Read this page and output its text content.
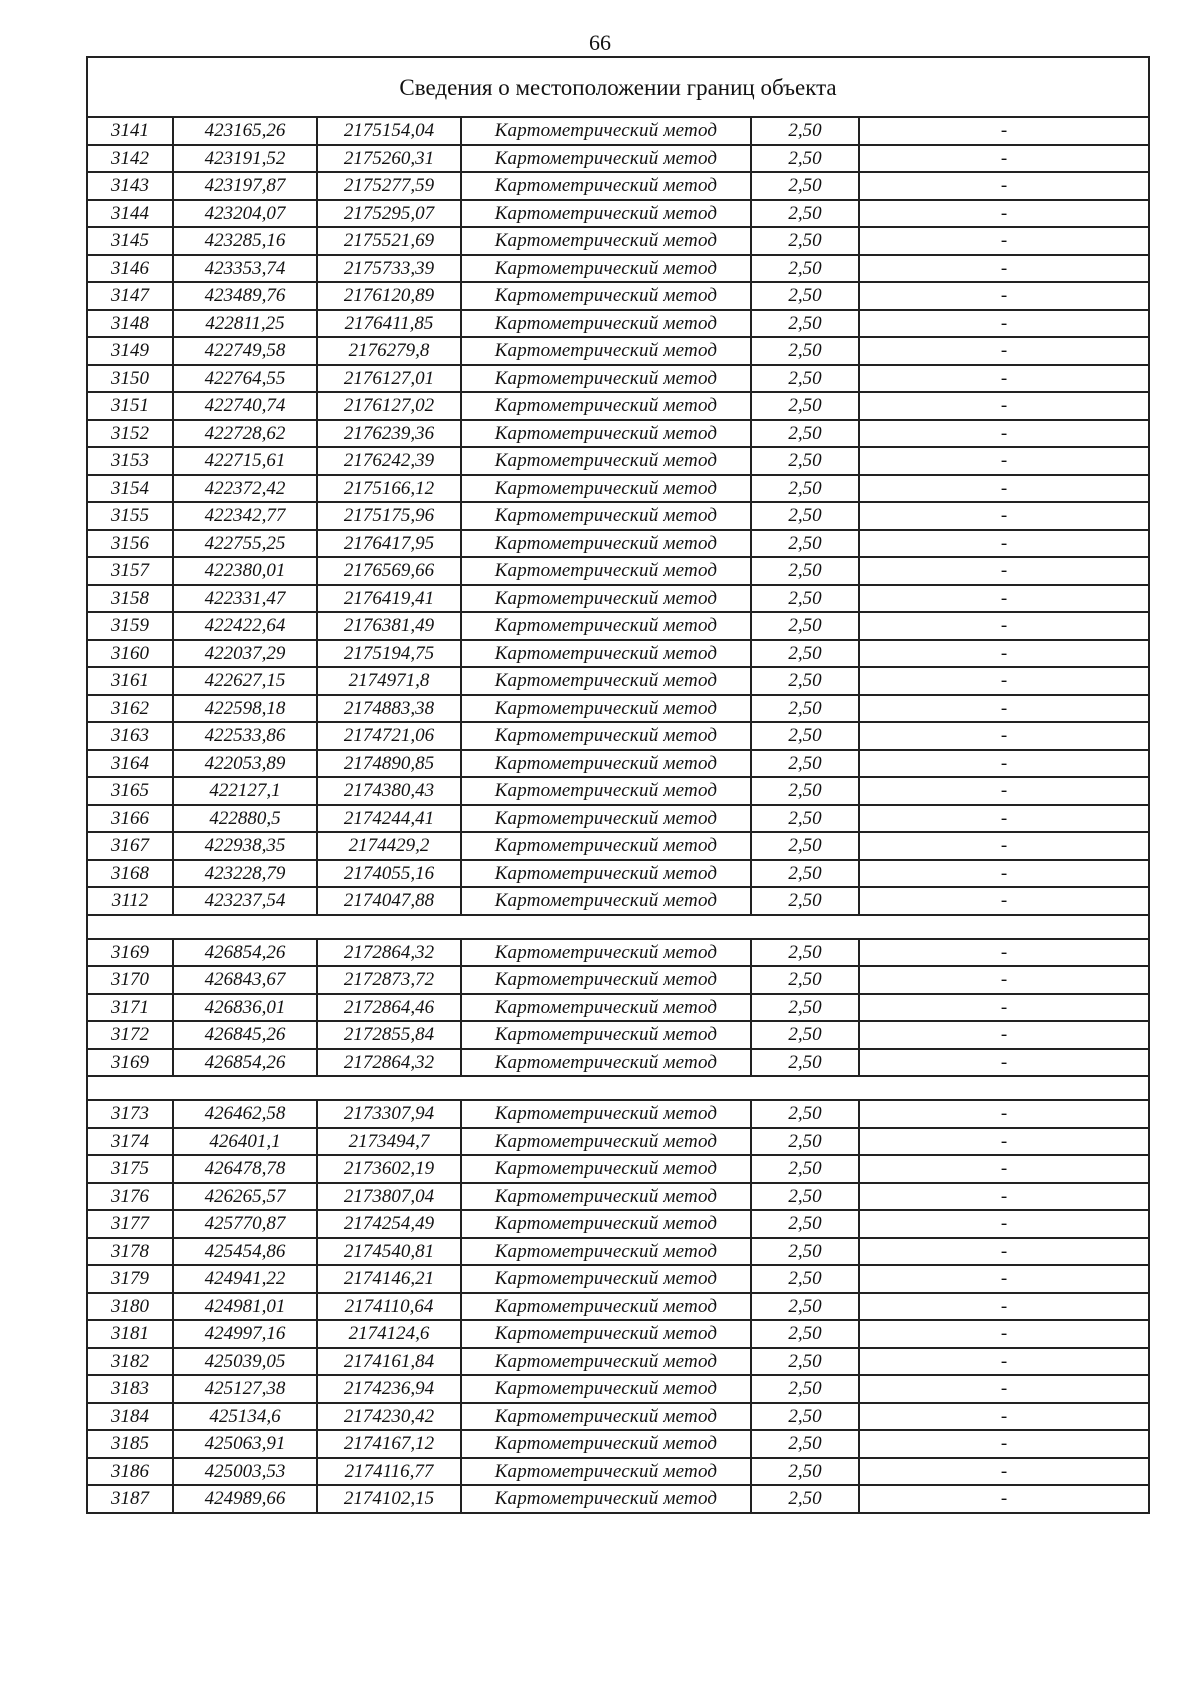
66
Сведения о местоположении границ объекта					
3141	423165,26	2175154,04	Картометрический метод	2,50	-
3142	423191,52	2175260,31	Картометрический метод	2,50	-
3143	423197,87	2175277,59	Картометрический метод	2,50	-
3144	423204,07	2175295,07	Картометрический метод	2,50	-
3145	423285,16	2175521,69	Картометрический метод	2,50	-
3146	423353,74	2175733,39	Картометрический метод	2,50	-
3147	423489,76	2176120,89	Картометрический метод	2,50	-
3148	422811,25	2176411,85	Картометрический метод	2,50	-
3149	422749,58	2176279,8	Картометрический метод	2,50	-
3150	422764,55	2176127,01	Картометрический метод	2,50	-
3151	422740,74	2176127,02	Картометрический метод	2,50	-
3152	422728,62	2176239,36	Картометрический метод	2,50	-
3153	422715,61	2176242,39	Картометрический метод	2,50	-
3154	422372,42	2175166,12	Картометрический метод	2,50	-
3155	422342,77	2175175,96	Картометрический метод	2,50	-
3156	422755,25	2176417,95	Картометрический метод	2,50	-
3157	422380,01	2176569,66	Картометрический метод	2,50	-
3158	422331,47	2176419,41	Картометрический метод	2,50	-
3159	422422,64	2176381,49	Картометрический метод	2,50	-
3160	422037,29	2175194,75	Картометрический метод	2,50	-
3161	422627,15	2174971,8	Картометрический метод	2,50	-
3162	422598,18	2174883,38	Картометрический метод	2,50	-
3163	422533,86	2174721,06	Картометрический метод	2,50	-
3164	422053,89	2174890,85	Картометрический метод	2,50	-
3165	422127,1	2174380,43	Картометрический метод	2,50	-
3166	422880,5	2174244,41	Картометрический метод	2,50	-
3167	422938,35	2174429,2	Картометрический метод	2,50	-
3168	423228,79	2174055,16	Картометрический метод	2,50	-
3112	423237,54	2174047,88	Картометрический метод	2,50	-

3169	426854,26	2172864,32	Картометрический метод	2,50	-
3170	426843,67	2172873,72	Картометрический метод	2,50	-
3171	426836,01	2172864,46	Картометрический метод	2,50	-
3172	426845,26	2172855,84	Картометрический метод	2,50	-
3169	426854,26	2172864,32	Картометрический метод	2,50	-

3173	426462,58	2173307,94	Картометрический метод	2,50	-
3174	426401,1	2173494,7	Картометрический метод	2,50	-
3175	426478,78	2173602,19	Картометрический метод	2,50	-
3176	426265,57	2173807,04	Картометрический метод	2,50	-
3177	425770,87	2174254,49	Картометрический метод	2,50	-
3178	425454,86	2174540,81	Картометрический метод	2,50	-
3179	424941,22	2174146,21	Картометрический метод	2,50	-
3180	424981,01	2174110,64	Картометрический метод	2,50	-
3181	424997,16	2174124,6	Картометрический метод	2,50	-
3182	425039,05	2174161,84	Картометрический метод	2,50	-
3183	425127,38	2174236,94	Картометрический метод	2,50	-
3184	425134,6	2174230,42	Картометрический метод	2,50	-
3185	425063,91	2174167,12	Картометрический метод	2,50	-
3186	425003,53	2174116,77	Картометрический метод	2,50	-
3187	424989,66	2174102,15	Картометрический метод	2,50	-
